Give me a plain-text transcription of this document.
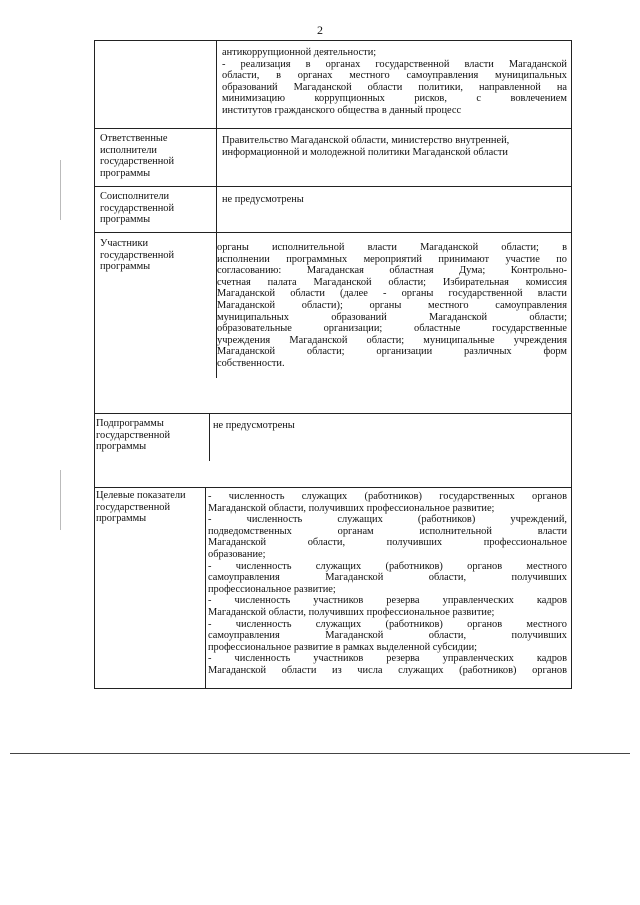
2
антикоррупционной деятельности;
- реализация в органах государственной власти Магаданской
области, в органах местного самоуправления муниципальных
образований Магаданской области политики, направленной на
минимизацию коррупционных рисков, с вовлечением
институтов гражданского общества в данный процесс
Ответственные
исполнители
государственной
программы
Правительство Магаданской области, министерство внутренней,
информационной и молодежной политики Магаданской области
Соисполнители
государственной
программы
не предусмотрены
Участники
государственной
программы
органы исполнительной власти Магаданской области; в
исполнении программных мероприятий принимают участие по
согласованию: Магаданская областная Дума; Контрольно-
счетная палата Магаданской области; Избирательная комиссия
Магаданской области (далее - органы государственной власти
Магаданской области); органы местного самоуправления
муниципальных образований Магаданской области;
образовательные организации; областные государственные
учреждения Магаданской области; муниципальные учреждения
Магаданской области; организации различных форм
собственности.
Подпрограммы
государственной
программы
не предусмотрены
Целевые показатели
государственной
программы
- численность служащих (работников) государственных органов
Магаданской области, получивших профессиональное развитие;
- численность служащих (работников) учреждений,
подведомственных органам исполнительной власти
Магаданской области, получивших профессиональное
образование;
- численность служащих (работников) органов местного
самоуправления Магаданской области, получивших
профессиональное развитие;
- численность участников резерва управленческих кадров
Магаданской области, получивших профессиональное развитие;
- численность служащих (работников) органов местного
самоуправления Магаданской области, получивших
профессиональное развитие в рамках выделенной субсидии;
- численность участников резерва управленческих кадров
Магаданской области из числа служащих (работников) органов
